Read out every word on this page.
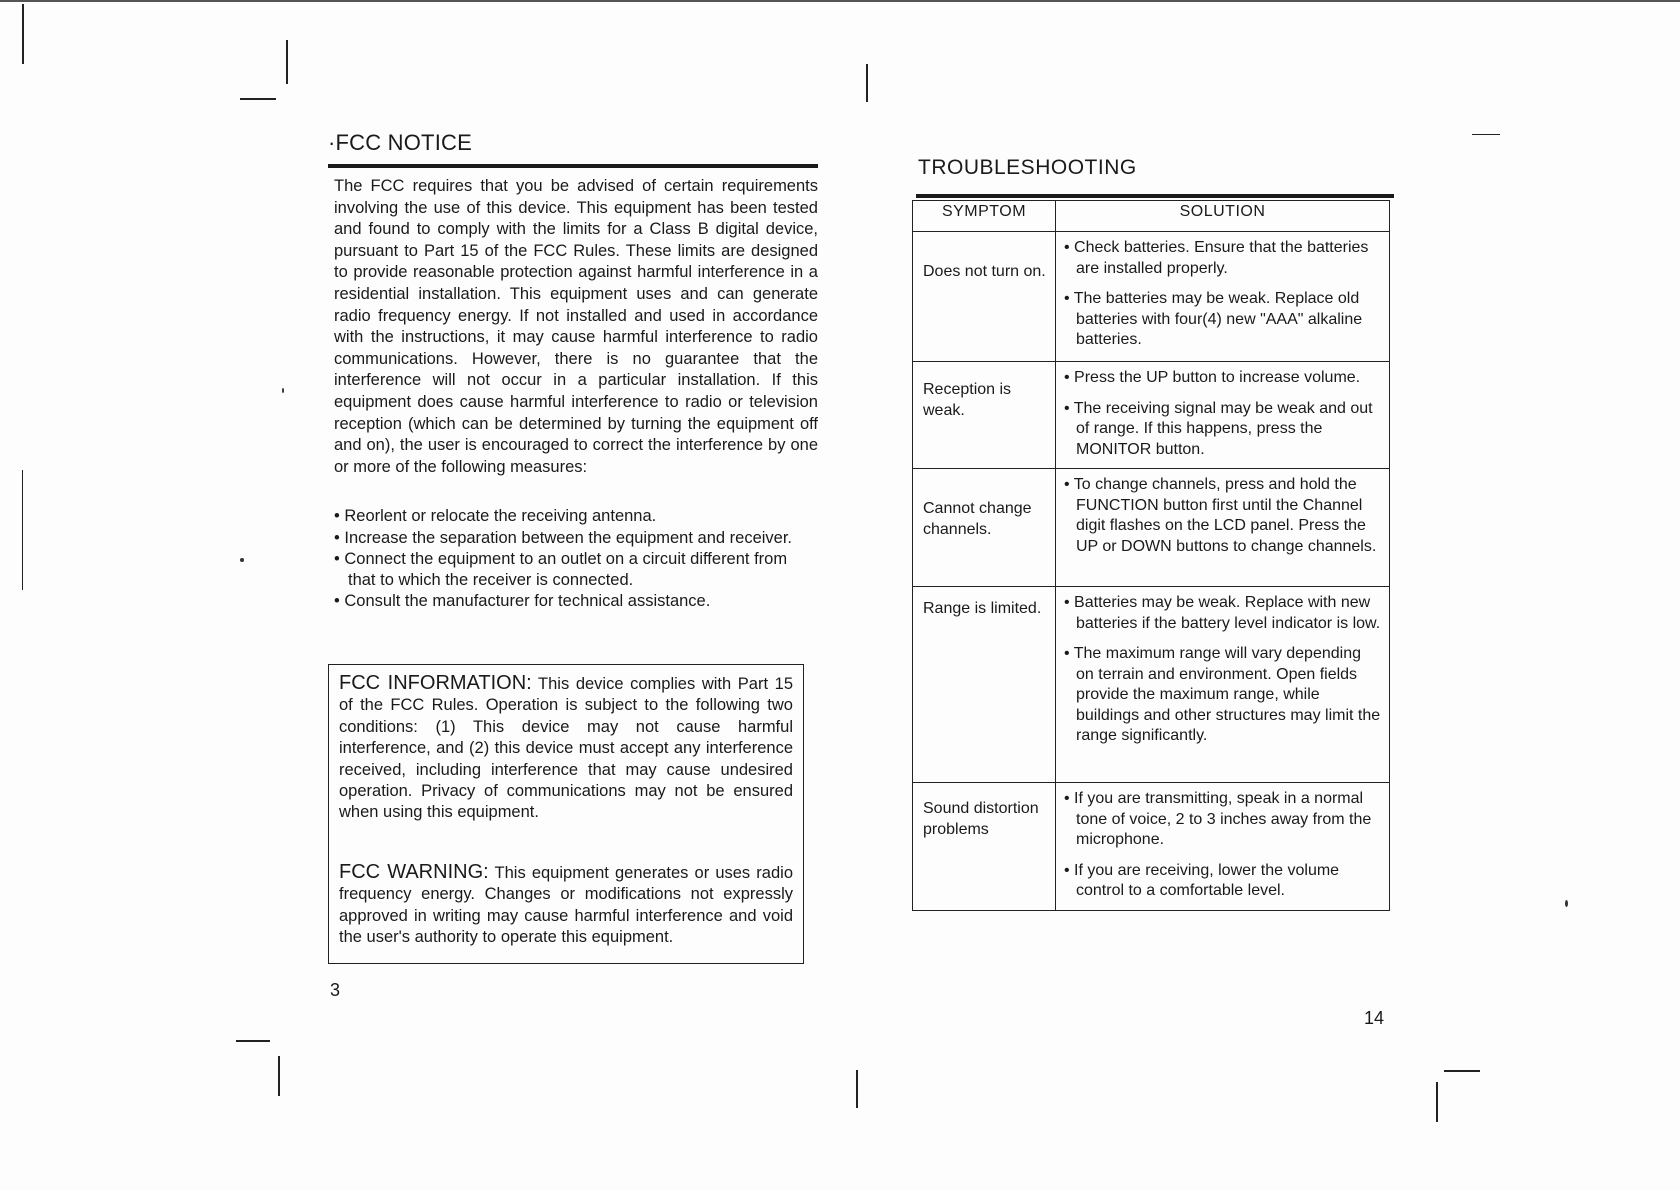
·FCC NOTICE

The FCC requires that you be advised of certain requirements involving the use of this device. This equipment has been tested and found to comply with the limits for a Class B digital device, pursuant to Part 15 of the FCC Rules. These limits are designed to provide reasonable protection against harmful interference in a residential installation. This equipment uses and can generate radio frequency energy. If not installed and used in accordance with the instructions, it may cause harmful interference to radio communications. However, there is no guarantee that the interference will not occur in a particular installation. If this equipment does cause harmful interference to radio or television reception (which can be determined by turning the equipment off and on), the user is encouraged to correct the interference by one or more of the following measures:

• Reorlent or relocate the receiving antenna.
• Increase the separation between the equipment and receiver.
• Connect the equipment to an outlet on a circuit different from that to which the receiver is connected.
• Consult the manufacturer for technical assistance.

FCC INFORMATION: This device complies with Part 15 of the FCC Rules. Operation is subject to the following two conditions: (1) This device may not cause harmful interference, and (2) this device must accept any interference received, including interference that may cause undesired operation. Privacy of communications may not be ensured when using this equipment.

FCC WARNING: This equipment generates or uses radio frequency energy. Changes or modifications not expressly approved in writing may cause harmful interference and void the user's authority to operate this equipment.

3
TROUBLESHOOTING
SYMPTOM	SOLUTION
Does not turn on.	• Check batteries. Ensure that the batteries are installed properly.

• The batteries may be weak. Replace old batteries with four(4) new "AAA" alkaline batteries.

Reception is weak.	• Press the UP button to increase volume.

• The receiving signal may be weak and out of range. If this happens, press the MONITOR button.

Cannot change channels.	• To change channels, press and hold the FUNCTION button first until the Channel digit flashes on the LCD panel. Press the UP or DOWN buttons to change channels.

Range is limited.	• Batteries may be weak. Replace with new batteries if the battery level indicator is low.

• The maximum range will vary depending on terrain and environment. Open fields provide the maximum range, while buildings and other structures may limit the range significantly.

Sound distortion problems	• If you are transmitting, speak in a normal tone of voice, 2 to 3 inches away from the microphone.

• If you are receiving, lower the volume control to a comfortable level.

14
